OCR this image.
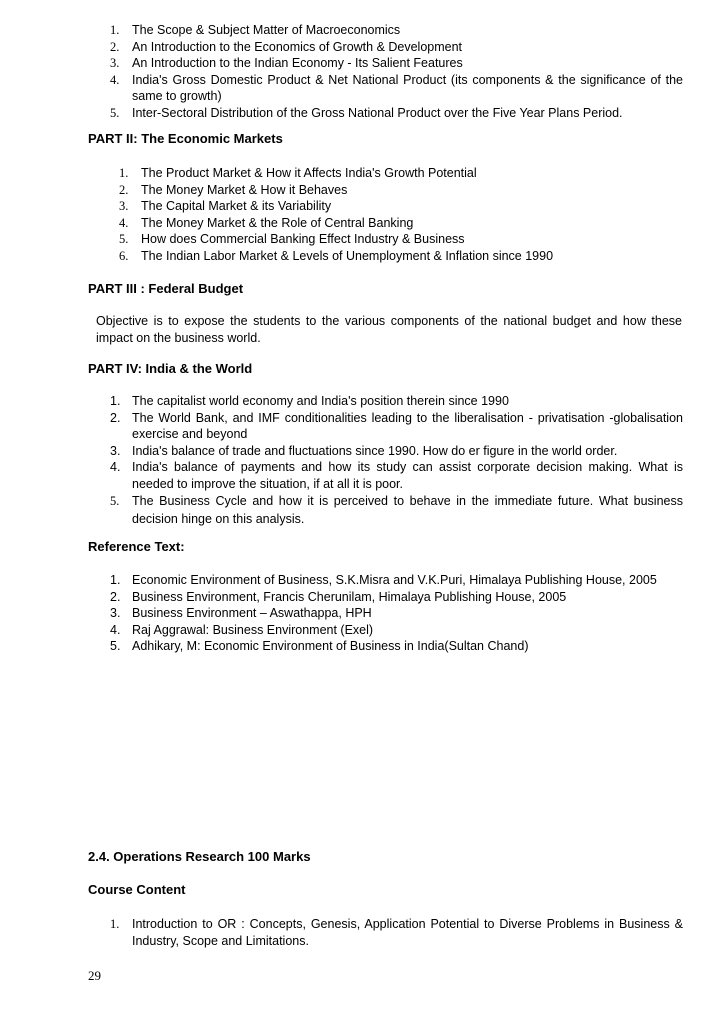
1.	The Scope & Subject Matter of Macroeconomics
2.	An Introduction to the Economics of Growth & Development
3.	An Introduction to the Indian Economy - Its Salient Features
4.	India's Gross Domestic Product & Net National Product (its components & the significance of the same to growth)
5.	Inter-Sectoral Distribution of the Gross National Product over the Five Year Plans Period.
PART II: The Economic Markets
1.	The Product Market & How it Affects India's Growth Potential
2.	The Money Market & How it Behaves
3.	The Capital Market & its Variability
4.	The Money Market & the Role of Central Banking
5.	How does Commercial Banking Effect Industry & Business
6.	The Indian Labor Market & Levels of Unemployment & Inflation since 1990
PART III : Federal Budget

Objective is to expose the students to the various components of the national budget and how these impact on the business world.

PART IV: India & the World
1. The capitalist world economy and India's position therein since 1990
2. The World Bank, and IMF conditionalities leading to the liberalisation - privatisation -globalisation exercise and beyond
3. India's balance of trade and fluctuations since 1990. How do er figure in the world order.
4. India's balance of payments and how its study can assist corporate decision making. What is needed to improve the situation, if at all it is poor.
5.	The Business Cycle and how it is perceived to behave in the immediate future. What business decision hinge on this analysis.
Reference Text:
1. Economic Environment of Business, S.K.Misra and V.K.Puri, Himalaya Publishing House, 2005
2. Business Environment, Francis Cherunilam, Himalaya Publishing House, 2005
3. Business Environment – Aswathappa, HPH
4. Raj Aggrawal: Business Environment (Exel)
5. Adhikary, M: Economic Environment of Business in India(Sultan Chand)
2.4. Operations Research 100 Marks
Course Content
1.	Introduction to OR : Concepts, Genesis, Application Potential to Diverse Problems in Business & Industry, Scope and Limitations.
29
